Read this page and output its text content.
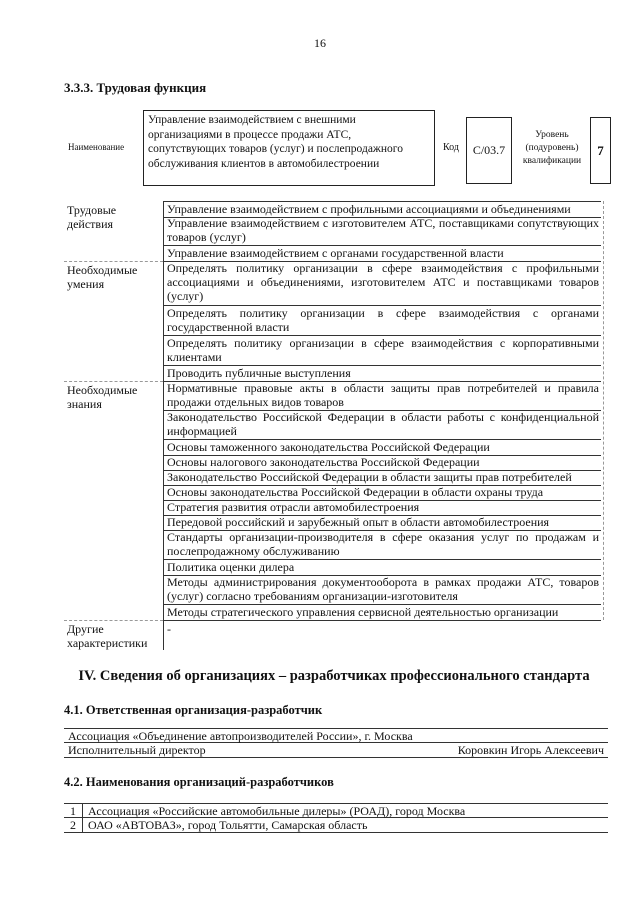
16
3.3.3. Трудовая функция
Наименование
Управление взаимодействием с внешними организациями в процессе продажи АТС, сопутствующих товаров (услуг) и послепродажного обслуживания клиентов в автомобилестроении
Код	C/03.7
Уровень (подуровень) квалификации
7
Трудовые действия
Управление взаимодействием с профильными ассоциациями и объединениями
Управление взаимодействием с изготовителем АТС, поставщиками сопутствующих товаров (услуг)
Управление взаимодействием с органами государственной власти
Необходимые умения
Определять политику организации в сфере взаимодействия с профильными ассоциациями и объединениями, изготовителем АТС и поставщиками товаров (услуг)
Определять политику организации в сфере взаимодействия с органами государственной власти
Определять политику организации в сфере взаимодействия с корпоративными клиентами
Проводить публичные выступления
Необходимые знания
Нормативные правовые акты в области защиты прав потребителей и правила продажи отдельных видов товаров
Законодательство Российской Федерации в области работы с конфиденциальной информацией
Основы таможенного законодательства Российской Федерации
Основы налогового законодательства Российской Федерации
Законодательство Российской Федерации в области защиты прав потребителей
Основы законодательства Российской Федерации в области охраны труда
Стратегия развития отрасли автомобилестроения
Передовой российский и зарубежный опыт в области автомобилестроения
Стандарты организации-производителя в сфере оказания услуг по продажам и послепродажному обслуживанию
Политика оценки дилера
Методы администрирования документооборота в рамках продажи АТС, товаров (услуг) согласно требованиям организации-изготовителя
Методы стратегического управления сервисной деятельностью организации
Другие характеристики
-
IV. Сведения об организациях – разработчиках профессионального стандарта
4.1. Ответственная организация-разработчик
Ассоциация «Объединение автопроизводителей России», г. Москва
Исполнительный директор	Коровкин Игорь Алексеевич
4.2. Наименования организаций-разработчиков
1	Ассоциация «Российские автомобильные дилеры» (РОАД), город Москва
2	ОАО «АВТОВАЗ», город Тольятти, Самарская область
